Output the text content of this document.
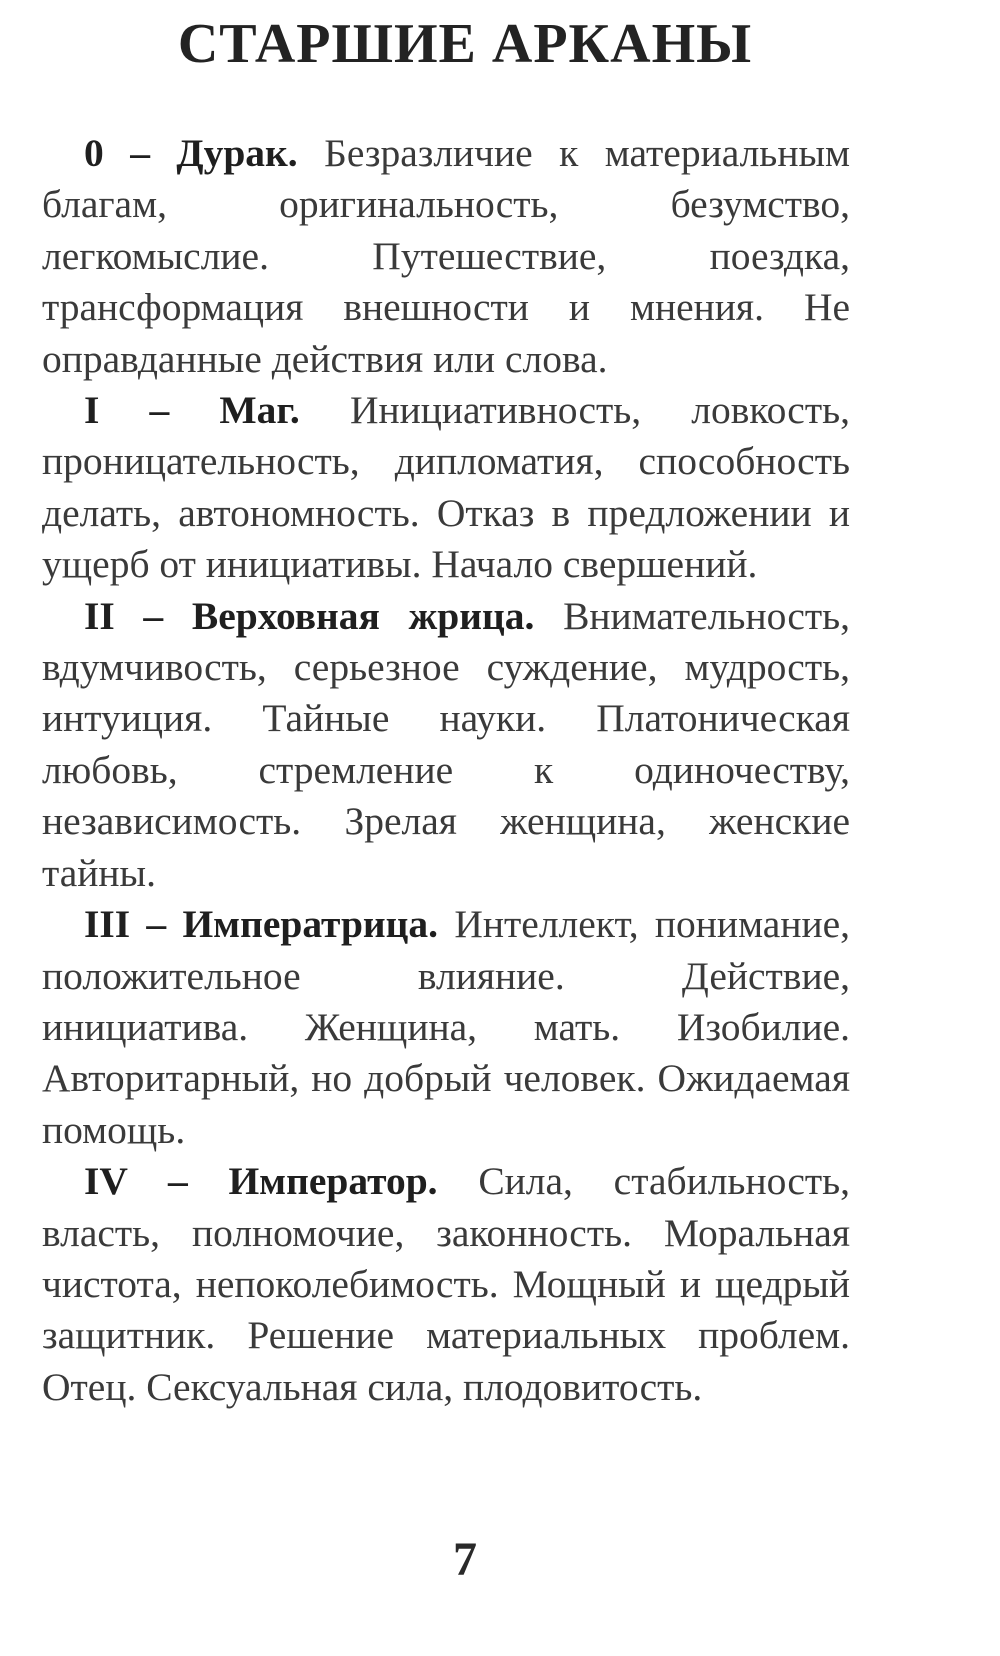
СТАРШИЕ АРКАНЫ

0 – Дурак. Безразличие к материальным благам, оригинальность, безумство, легкомыслие. Путешествие, поездка, трансформация внешности и мнения. Не оправданные действия или слова.

I – Маг. Инициативность, ловкость, проницательность, дипломатия, способность делать, автономность. Отказ в предложении и ущерб от инициативы. Начало свершений.

II – Верховная жрица. Внимательность, вдумчивость, серьезное суждение, мудрость, интуиция. Тайные науки. Платоническая любовь, стремление к одиночеству, независимость. Зрелая женщина, женские тайны.

III – Императрица. Интеллект, понимание, положительное влияние. Действие, инициатива. Женщина, мать. Изобилие. Авторитарный, но добрый человек. Ожидаемая помощь.

IV – Император. Сила, стабильность, власть, полномочие, законность. Моральная чистота, непоколебимость. Мощный и щедрый защитник. Решение материальных проблем. Отец. Сексуальная сила, плодовитость.

7
